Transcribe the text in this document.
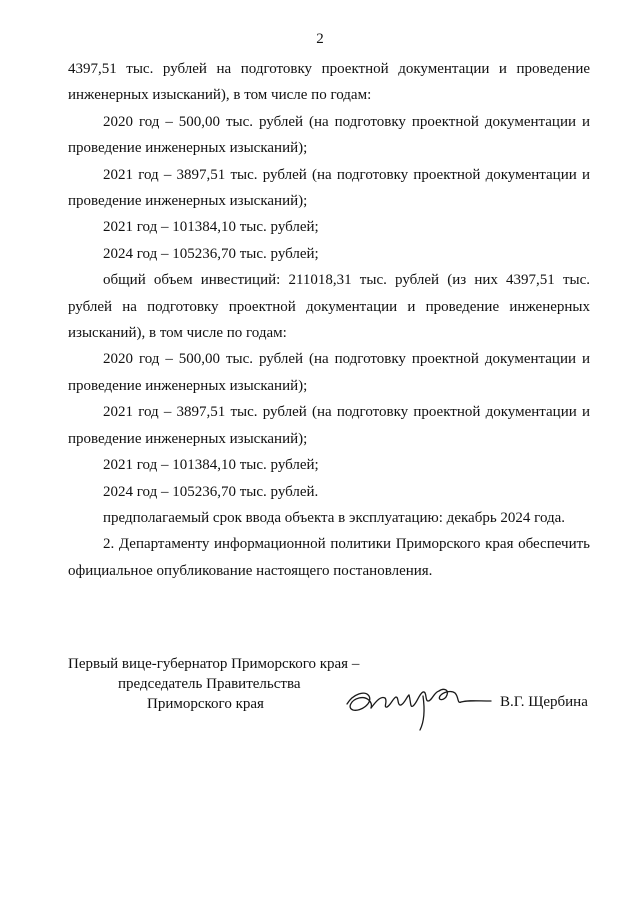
2

4397,51 тыс. рублей на подготовку проектной документации и проведение инженерных изысканий), в том числе по годам:

2020 год – 500,00 тыс. рублей (на подготовку проектной документации и проведение инженерных изысканий);

2021 год – 3897,51 тыс. рублей (на подготовку проектной документации и проведение инженерных изысканий);

2021 год – 101384,10 тыс. рублей;

2024 год – 105236,70 тыс. рублей;

общий объем инвестиций: 211018,31 тыс. рублей (из них 4397,51 тыс. рублей на подготовку проектной документации и проведение инженерных изысканий), в том числе по годам:

2020 год – 500,00 тыс. рублей (на подготовку проектной документации и проведение инженерных изысканий);

2021 год – 3897,51 тыс. рублей (на подготовку проектной документации и проведение инженерных изысканий);

2021 год – 101384,10 тыс. рублей;

2024 год – 105236,70 тыс. рублей.

предполагаемый срок ввода объекта в эксплуатацию: декабрь 2024 года.

2. Департаменту информационной политики Приморского края обеспечить официальное опубликование настоящего постановления.

Первый вице-губернатор Приморского края –
председатель Правительства
Приморского края	В.Г. Щербина
